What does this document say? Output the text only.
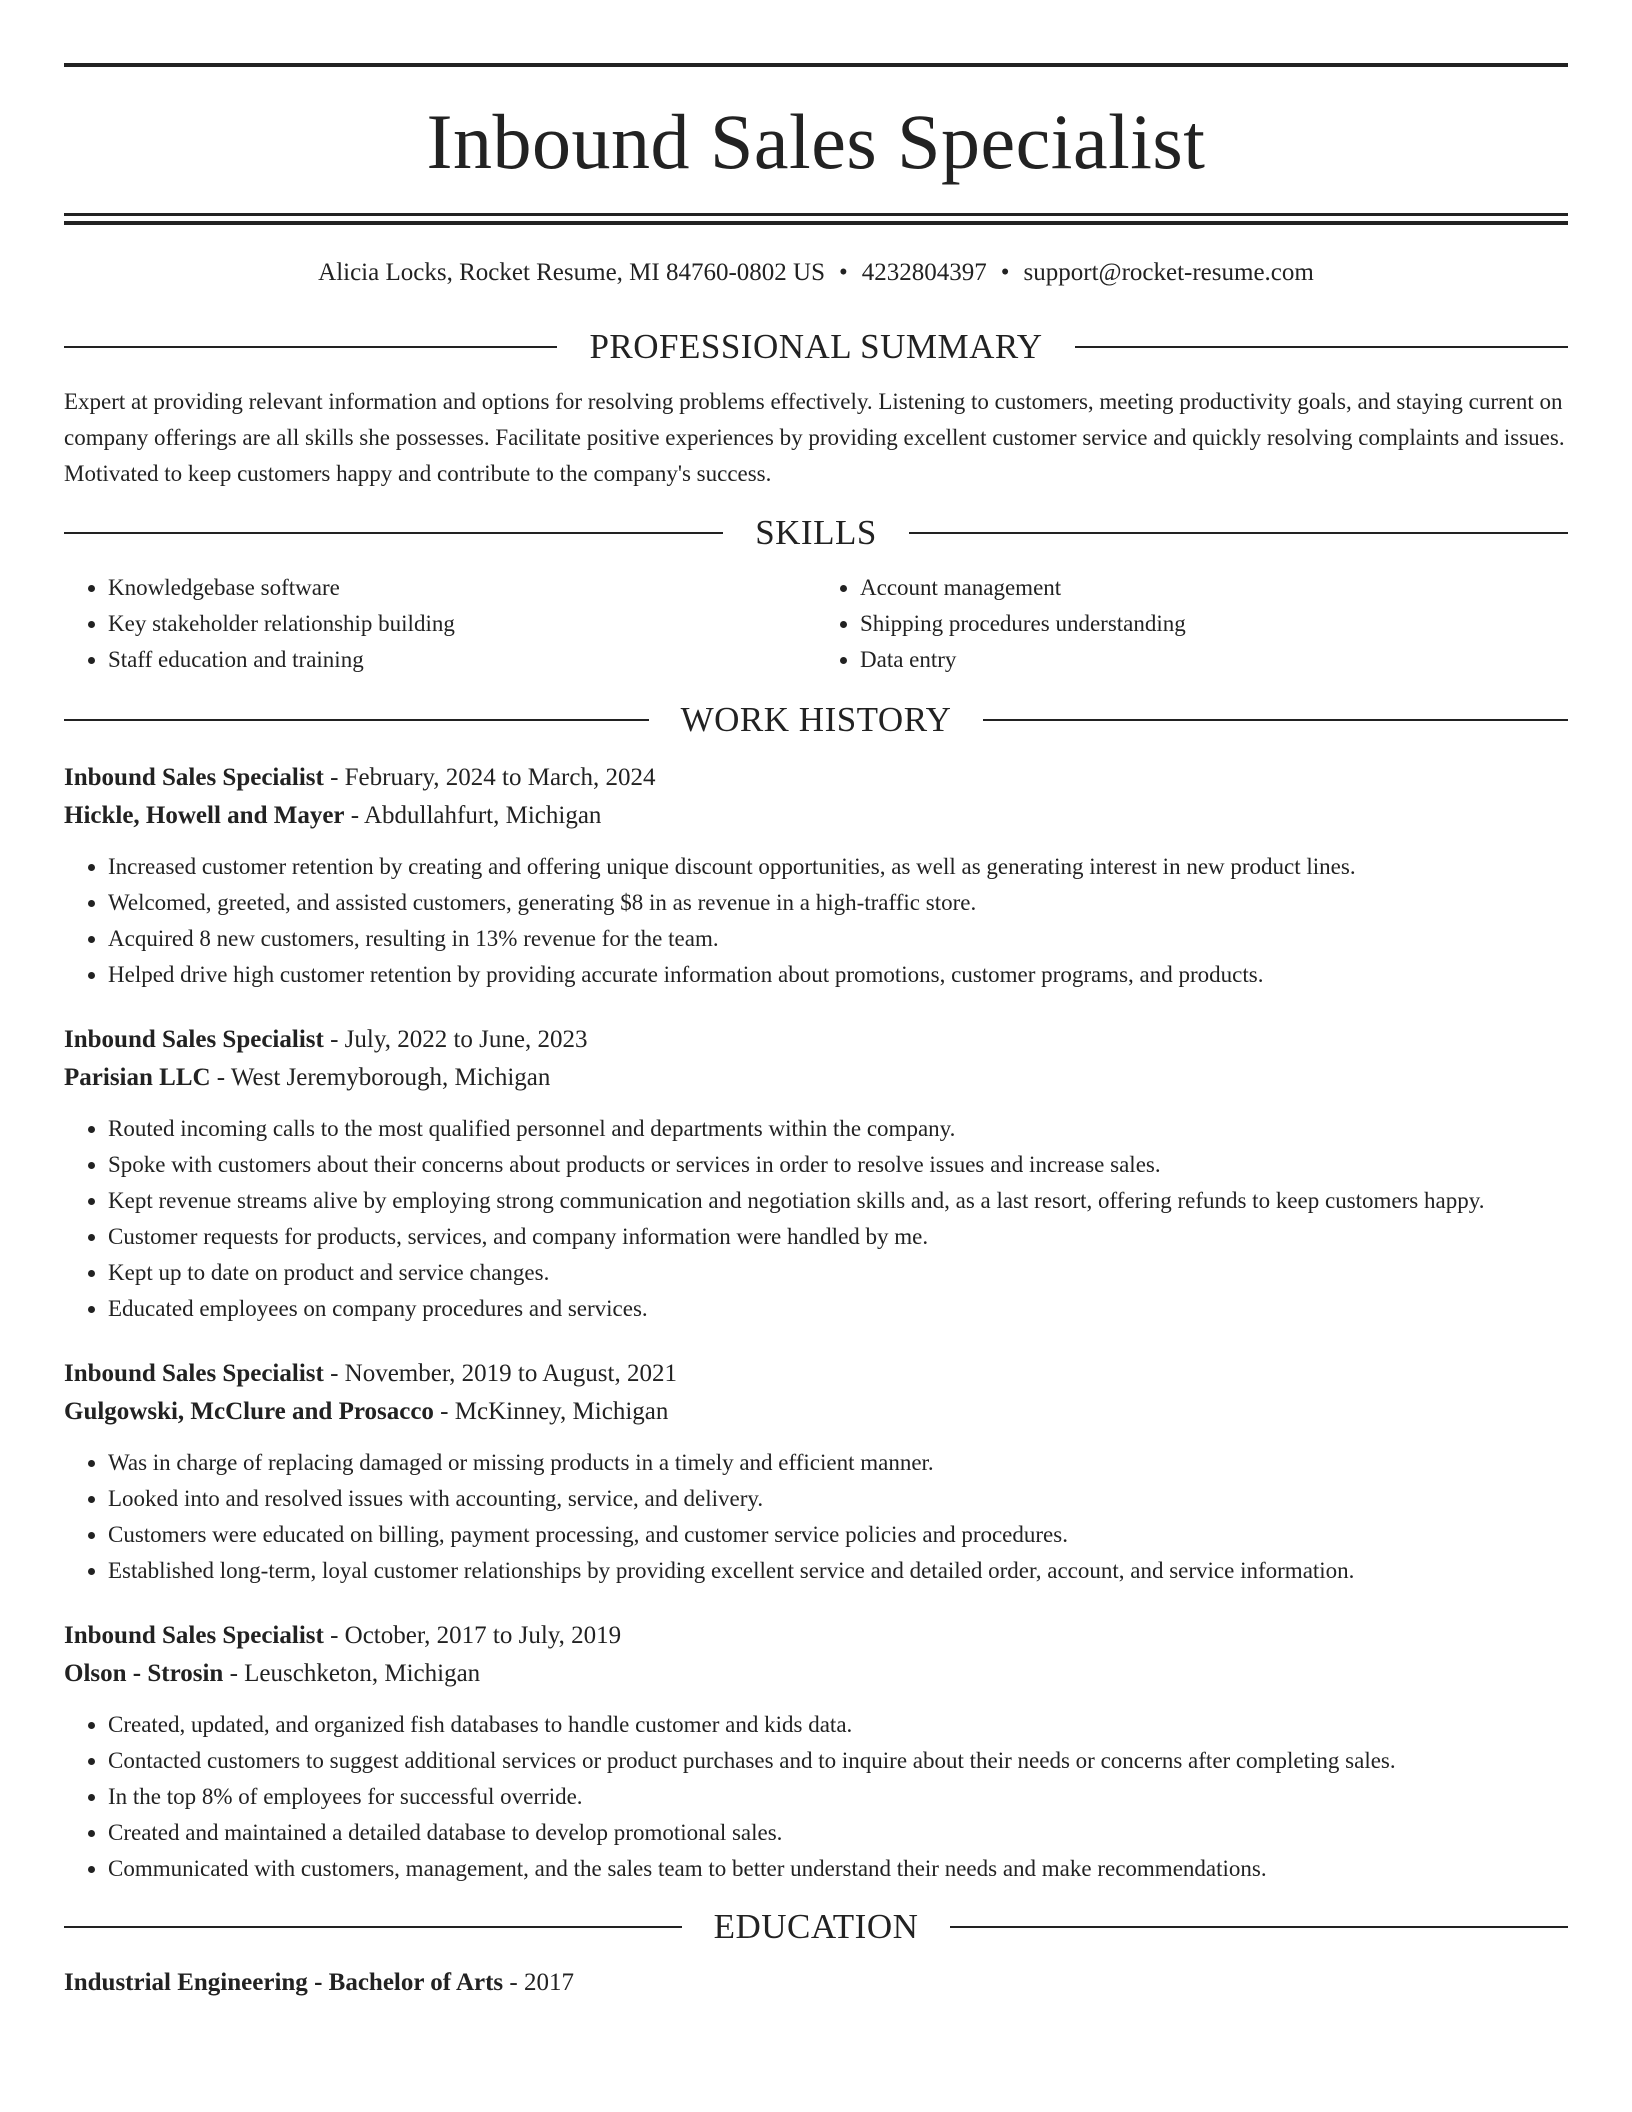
Inbound Sales Specialist
Alicia Locks, Rocket Resume, MI 84760-0802 US • 4232804397 • support@rocket-resume.com
PROFESSIONAL SUMMARY

Expert at providing relevant information and options for resolving problems effectively. Listening to customers, meeting productivity goals, and staying current on company offerings are all skills she possesses. Facilitate positive experiences by providing excellent customer service and quickly resolving complaints and issues. Motivated to keep customers happy and contribute to the company's success.

SKILLS
• Knowledgebase software
• Key stakeholder relationship building
• Staff education and training
• Account management
• Shipping procedures understanding
• Data entry
WORK HISTORY
Inbound Sales Specialist - February, 2024 to March, 2024
Hickle, Howell and Mayer - Abdullahfurt, Michigan
• Increased customer retention by creating and offering unique discount opportunities, as well as generating interest in new product lines.
• Welcomed, greeted, and assisted customers, generating $8 in as revenue in a high-traffic store.
• Acquired 8 new customers, resulting in 13% revenue for the team.
• Helped drive high customer retention by providing accurate information about promotions, customer programs, and products.
Inbound Sales Specialist - July, 2022 to June, 2023
Parisian LLC - West Jeremyborough, Michigan
• Routed incoming calls to the most qualified personnel and departments within the company.
• Spoke with customers about their concerns about products or services in order to resolve issues and increase sales.
• Kept revenue streams alive by employing strong communication and negotiation skills and, as a last resort, offering refunds to keep customers happy.
• Customer requests for products, services, and company information were handled by me.
• Kept up to date on product and service changes.
• Educated employees on company procedures and services.
Inbound Sales Specialist - November, 2019 to August, 2021
Gulgowski, McClure and Prosacco - McKinney, Michigan
• Was in charge of replacing damaged or missing products in a timely and efficient manner.
• Looked into and resolved issues with accounting, service, and delivery.
• Customers were educated on billing, payment processing, and customer service policies and procedures.
• Established long-term, loyal customer relationships by providing excellent service and detailed order, account, and service information.
Inbound Sales Specialist - October, 2017 to July, 2019
Olson - Strosin - Leuschketon, Michigan
• Created, updated, and organized fish databases to handle customer and kids data.
• Contacted customers to suggest additional services or product purchases and to inquire about their needs or concerns after completing sales.
• In the top 8% of employees for successful override.
• Created and maintained a detailed database to develop promotional sales.
• Communicated with customers, management, and the sales team to better understand their needs and make recommendations.
EDUCATION
Industrial Engineering - Bachelor of Arts - 2017
